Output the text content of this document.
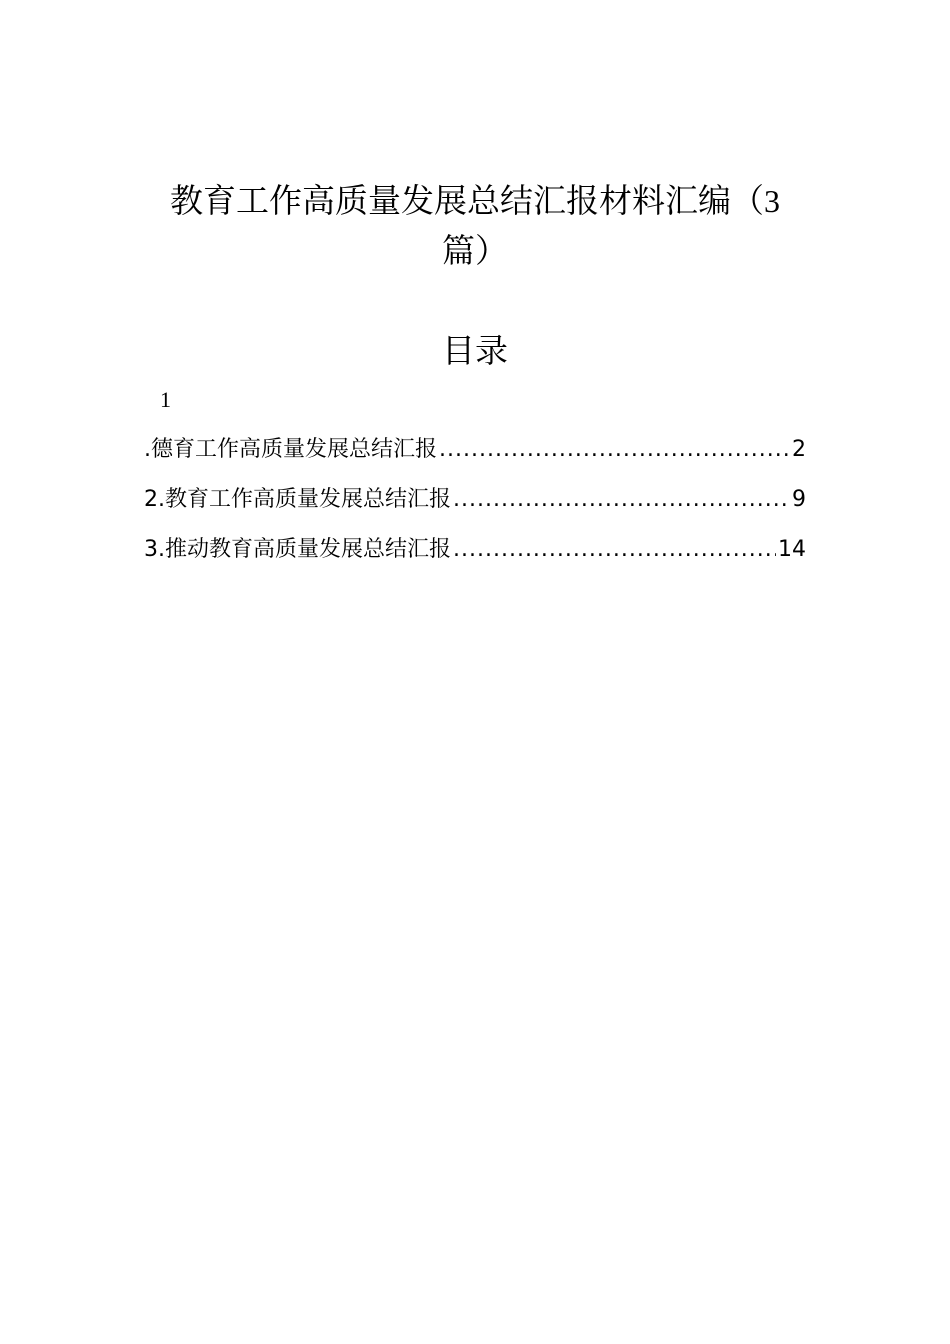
教育工作高质量发展总结汇报材料汇编（3
篇）
目录
1
.德育工作高质量发展总结汇报 .....	2
2.教育工作高质量发展总结汇报 .....	9
3.推动教育高质量发展总结汇报 .....	14
